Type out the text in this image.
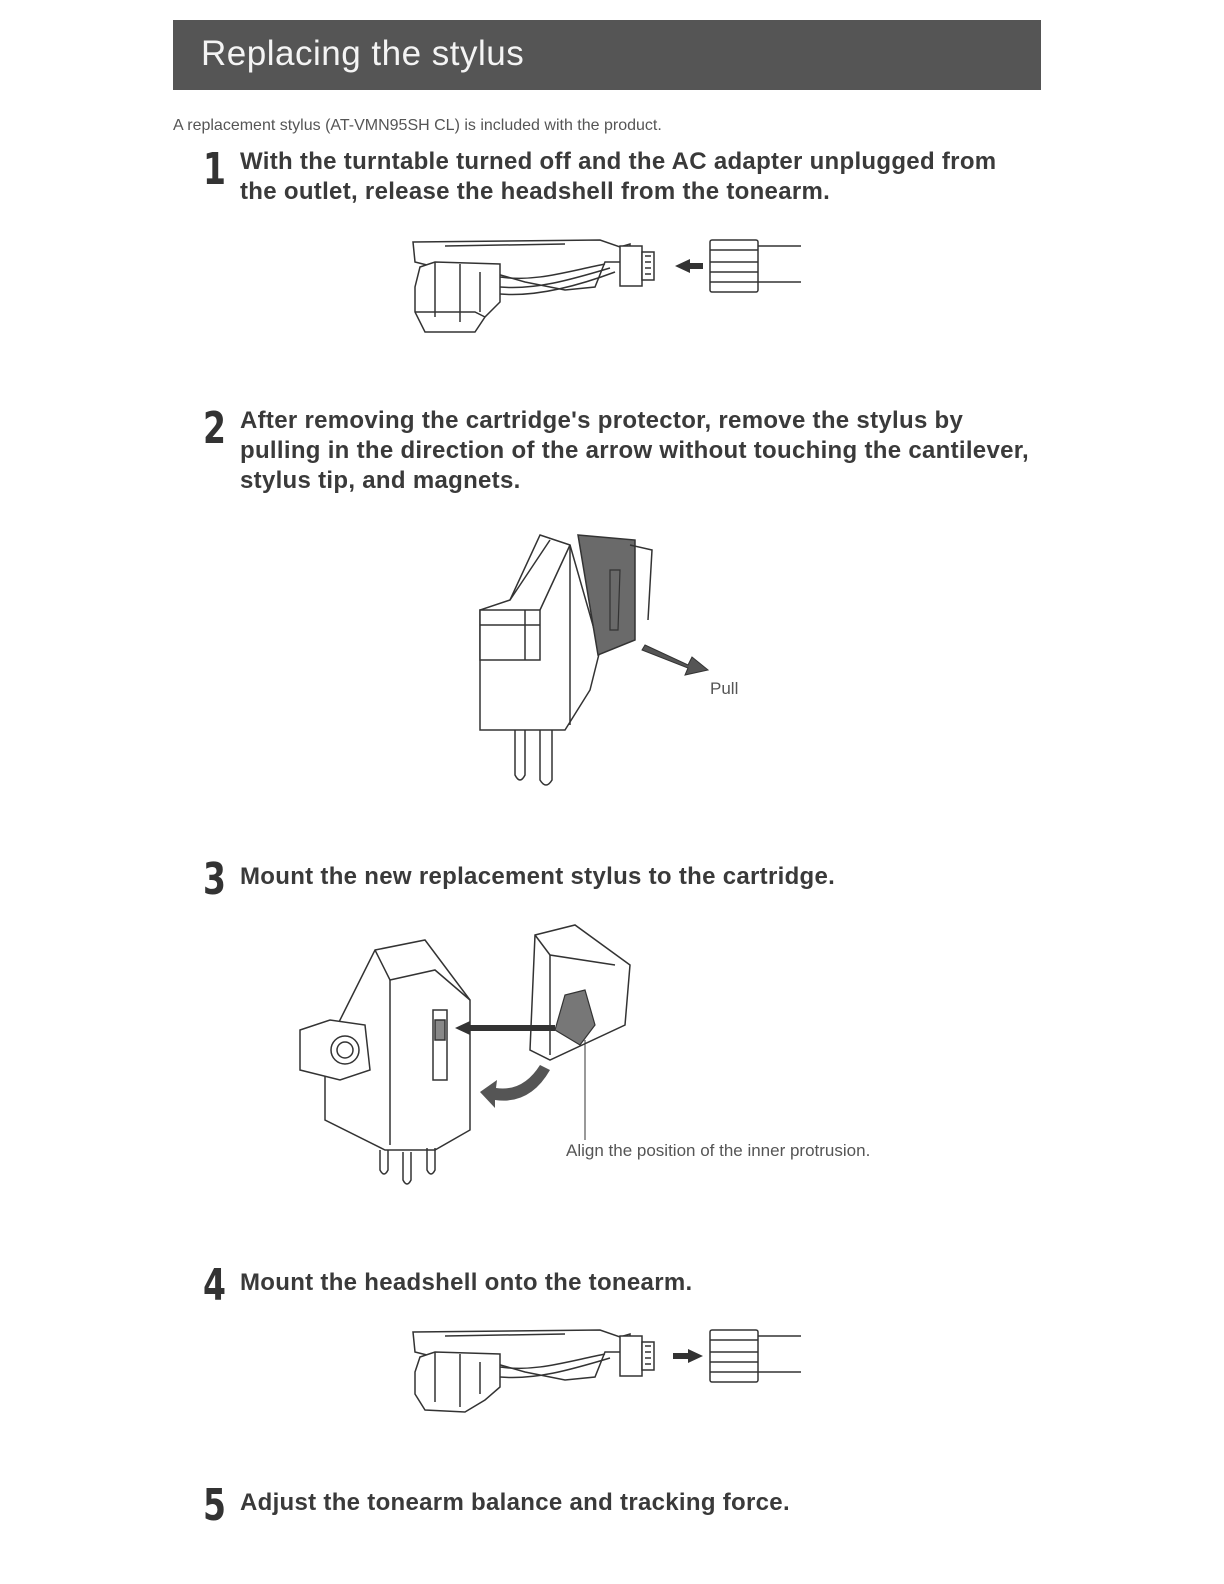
Replacing the stylus
A replacement stylus (AT-VMN95SH CL) is included with the product.
1 With the turntable turned off and the AC adapter unplugged from the outlet, release the headshell from the tonearm.

2 After removing the cartridge's protector, remove the stylus by pulling in the direction of the arrow without touching the cantilever, stylus tip, and magnets.

Pull
3 Mount the new replacement stylus to the cartridge.

Align the position of the inner protrusion.
4 Mount the headshell onto the tonearm.

5 Adjust the tonearm balance and tracking force.
